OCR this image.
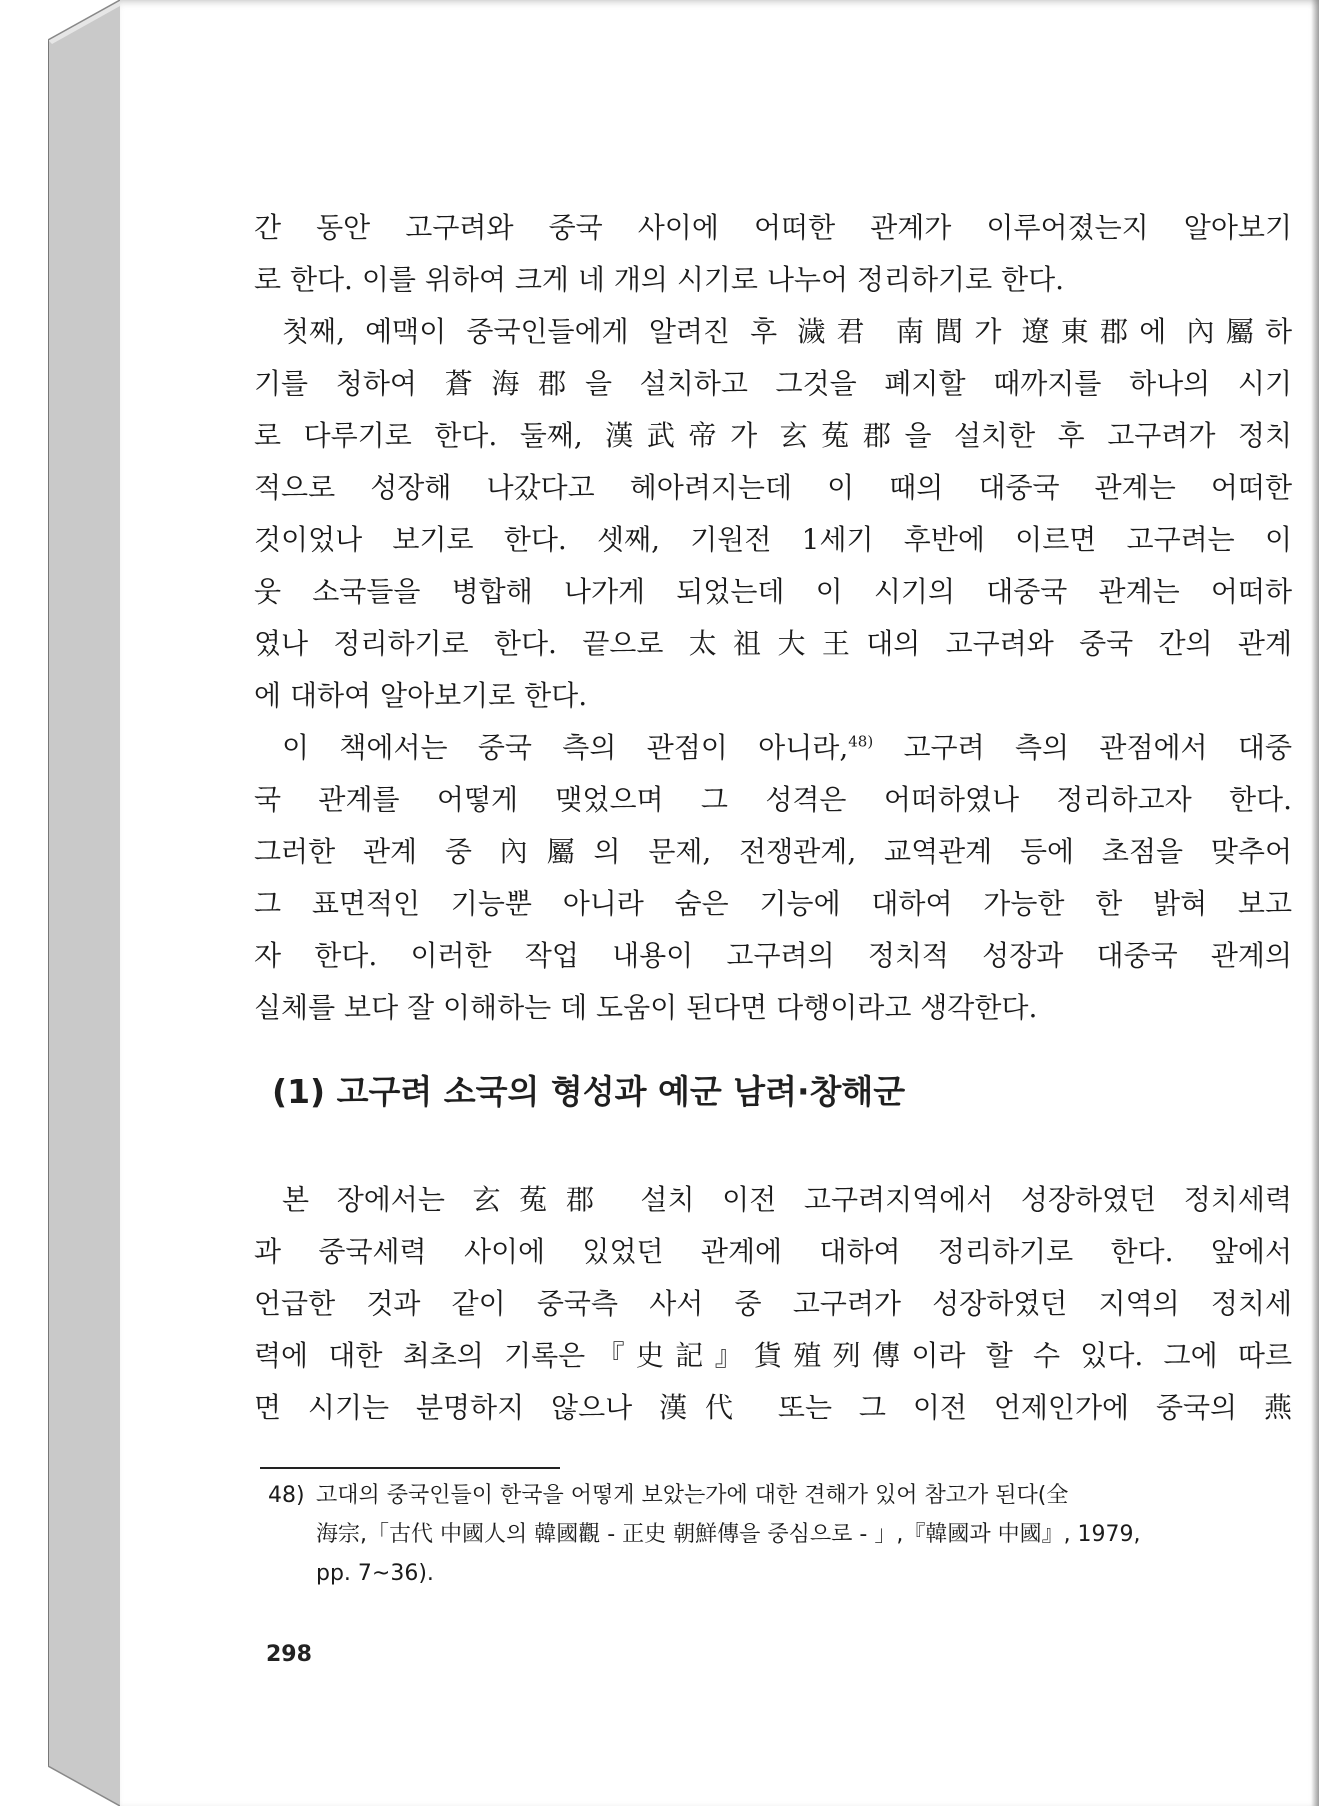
간 동안 고구려와 중국 사이에 어떠한 관계가 이루어졌는지 알아보기
로 한다. 이를 위하여 크게 네 개의 시기로 나누어 정리하기로 한다.
첫째, 예맥이 중국인들에게 알려진 후 濊君 南閭가 遼東郡에 內屬하
기를 청하여 蒼海郡을 설치하고 그것을 폐지할 때까지를 하나의 시기
로 다루기로 한다. 둘째, 漢武帝가 玄菟郡을 설치한 후 고구려가 정치
적으로 성장해 나갔다고 헤아려지는데 이 때의 대중국 관계는 어떠한
것이었나 보기로 한다. 셋째, 기원전 1세기 후반에 이르면 고구려는 이
웃 소국들을 병합해 나가게 되었는데 이 시기의 대중국 관계는 어떠하
였나 정리하기로 한다. 끝으로 太祖大王대의 고구려와 중국 간의 관계
에 대하여 알아보기로 한다.
이 책에서는 중국 측의 관점이 아니라,$^{48)}$ 고구려 측의 관점에서 대중
국 관계를 어떻게 맺었으며 그 성격은 어떠하였나 정리하고자 한다.
그러한 관계 중 內屬의 문제, 전쟁관계, 교역관계 등에 초점을 맞추어
그 표면적인 기능뿐 아니라 숨은 기능에 대하여 가능한 한 밝혀 보고
자 한다. 이러한 작업 내용이 고구려의 정치적 성장과 대중국 관계의
실체를 보다 잘 이해하는 데 도움이 된다면 다행이라고 생각한다.
(1) 고구려 소국의 형성과 예군 남려·창해군
본 장에서는 玄菟郡 설치 이전 고구려지역에서 성장하였던 정치세력
과 중국세력 사이에 있었던 관계에 대하여 정리하기로 한다. 앞에서
언급한 것과 같이 중국측 사서 중 고구려가 성장하였던 지역의 정치세
력에 대한 최초의 기록은『史記』貨殖列傳이라 할 수 있다. 그에 따르
면 시기는 분명하지 않으나 漢代 또는 그 이전 언제인가에 중국의 燕
48) 고대의 중국인들이 한국을 어떻게 보았는가에 대한 견해가 있어 참고가 된다(全
海宗,「古代 中國人의 韓國觀 - 正史 朝鮮傳을 중심으로 - 」,『韓國과 中國』, 1979,
pp. 7~36).
298
